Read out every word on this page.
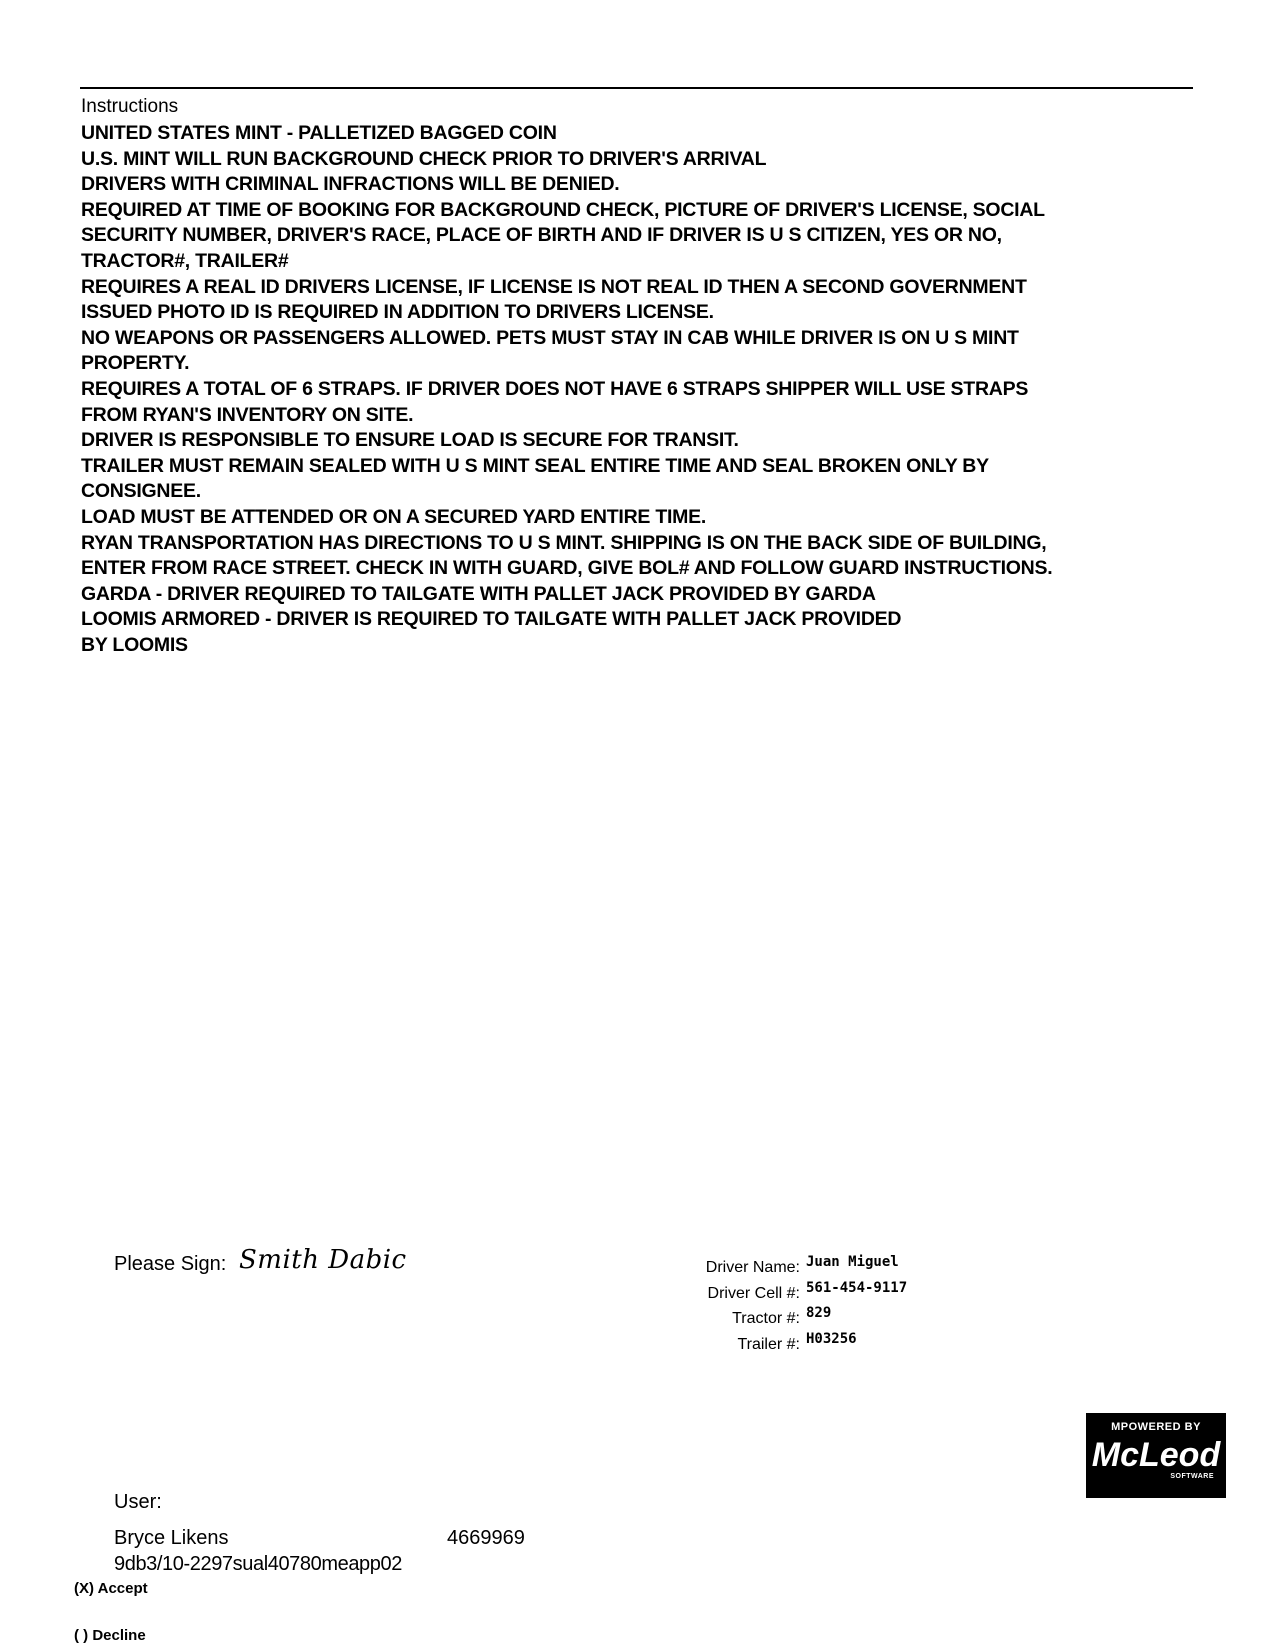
Instructions
UNITED STATES MINT - PALLETIZED BAGGED COIN
U.S. MINT WILL RUN BACKGROUND CHECK PRIOR TO DRIVER'S ARRIVAL
DRIVERS WITH CRIMINAL INFRACTIONS WILL BE DENIED.
REQUIRED AT TIME OF BOOKING FOR BACKGROUND CHECK, PICTURE OF DRIVER'S LICENSE, SOCIAL
SECURITY NUMBER, DRIVER'S RACE, PLACE OF BIRTH AND IF DRIVER IS U S CITIZEN, YES OR NO,
TRACTOR#, TRAILER#
REQUIRES A REAL ID DRIVERS LICENSE, IF LICENSE IS NOT REAL ID THEN A SECOND GOVERNMENT
ISSUED PHOTO ID IS REQUIRED IN ADDITION TO DRIVERS LICENSE.
NO WEAPONS OR PASSENGERS ALLOWED. PETS MUST STAY IN CAB WHILE DRIVER IS ON U S MINT
PROPERTY.
REQUIRES A TOTAL OF 6 STRAPS. IF DRIVER DOES NOT HAVE 6 STRAPS SHIPPER WILL USE STRAPS
FROM RYAN'S INVENTORY ON SITE.
DRIVER IS RESPONSIBLE TO ENSURE LOAD IS SECURE FOR TRANSIT.
TRAILER MUST REMAIN SEALED WITH U S MINT SEAL ENTIRE TIME AND SEAL BROKEN ONLY BY
CONSIGNEE.
LOAD MUST BE ATTENDED OR ON A SECURED YARD ENTIRE TIME.
RYAN TRANSPORTATION HAS DIRECTIONS TO U S MINT. SHIPPING IS ON THE BACK SIDE OF BUILDING,
ENTER FROM RACE STREET. CHECK IN WITH GUARD, GIVE BOL# AND FOLLOW GUARD INSTRUCTIONS.
GARDA - DRIVER REQUIRED TO TAILGATE WITH PALLET JACK PROVIDED BY GARDA
LOOMIS ARMORED - DRIVER IS REQUIRED TO TAILGATE WITH PALLET JACK PROVIDED
BY LOOMIS
Please Sign: Smith Dabic	Driver Name: Juan Miguel
Driver Cell #: 561-454-9117
Tractor #: 829
Trailer #: H03256
MPOWERED BY
McLeod
SOFTWARE
User:
Bryce Likens	4669969
9db3/10-2297sual40780meapp02
(X) Accept
( ) Decline
